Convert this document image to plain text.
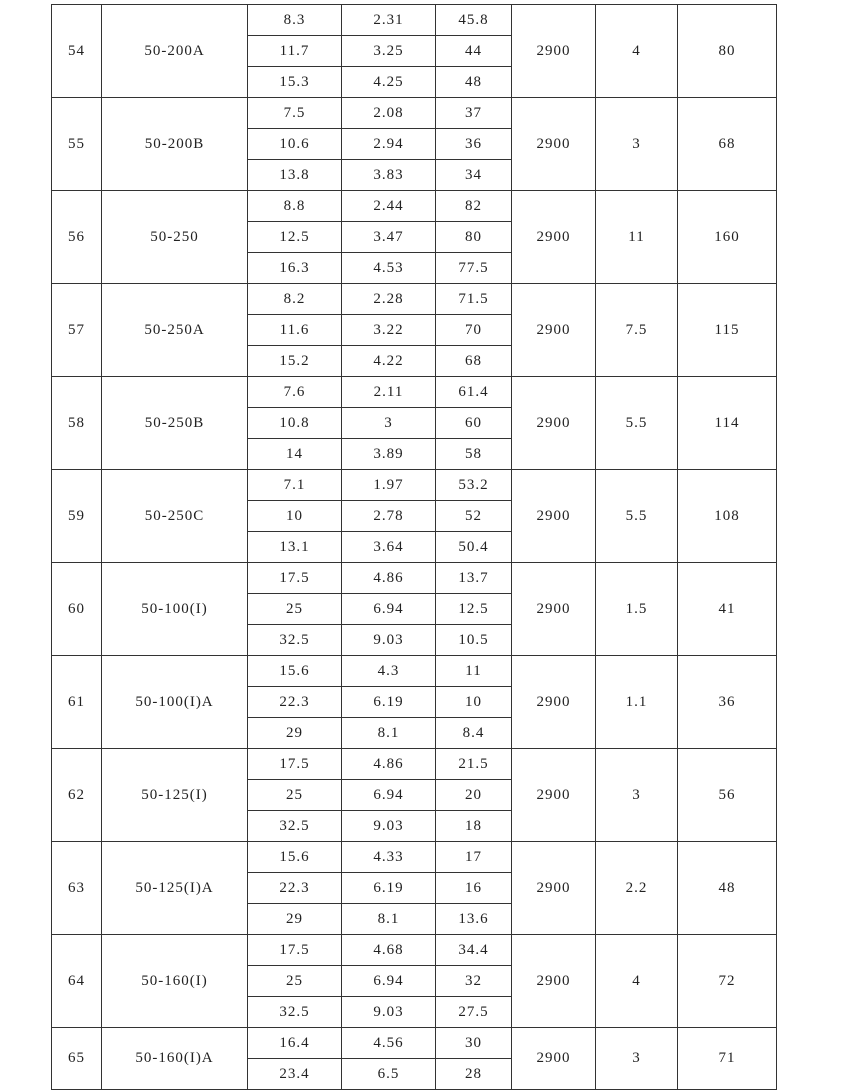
54	50-200A	8.3	2.31	45.8	2900	4	80
		11.7	3.25	44			
		15.3	4.25	48			
55	50-200B	7.5	2.08	37	2900	3	68
		10.6	2.94	36			
		13.8	3.83	34			
56	50-250	8.8	2.44	82	2900	11	160
		12.5	3.47	80			
		16.3	4.53	77.5			
57	50-250A	8.2	2.28	71.5	2900	7.5	115
		11.6	3.22	70			
		15.2	4.22	68			
58	50-250B	7.6	2.11	61.4	2900	5.5	114
		10.8	3	60			
		14	3.89	58			
59	50-250C	7.1	1.97	53.2	2900	5.5	108
		10	2.78	52			
		13.1	3.64	50.4			
60	50-100(I)	17.5	4.86	13.7	2900	1.5	41
		25	6.94	12.5			
		32.5	9.03	10.5			
61	50-100(I)A	15.6	4.3	11	2900	1.1	36
		22.3	6.19	10			
		29	8.1	8.4			
62	50-125(I)	17.5	4.86	21.5	2900	3	56
		25	6.94	20			
		32.5	9.03	18			
63	50-125(I)A	15.6	4.33	17	2900	2.2	48
		22.3	6.19	16			
		29	8.1	13.6			
64	50-160(I)	17.5	4.68	34.4	2900	4	72
		25	6.94	32			
		32.5	9.03	27.5			
65	50-160(I)A	16.4	4.56	30	2900	3	71
		23.4	6.5	28			
